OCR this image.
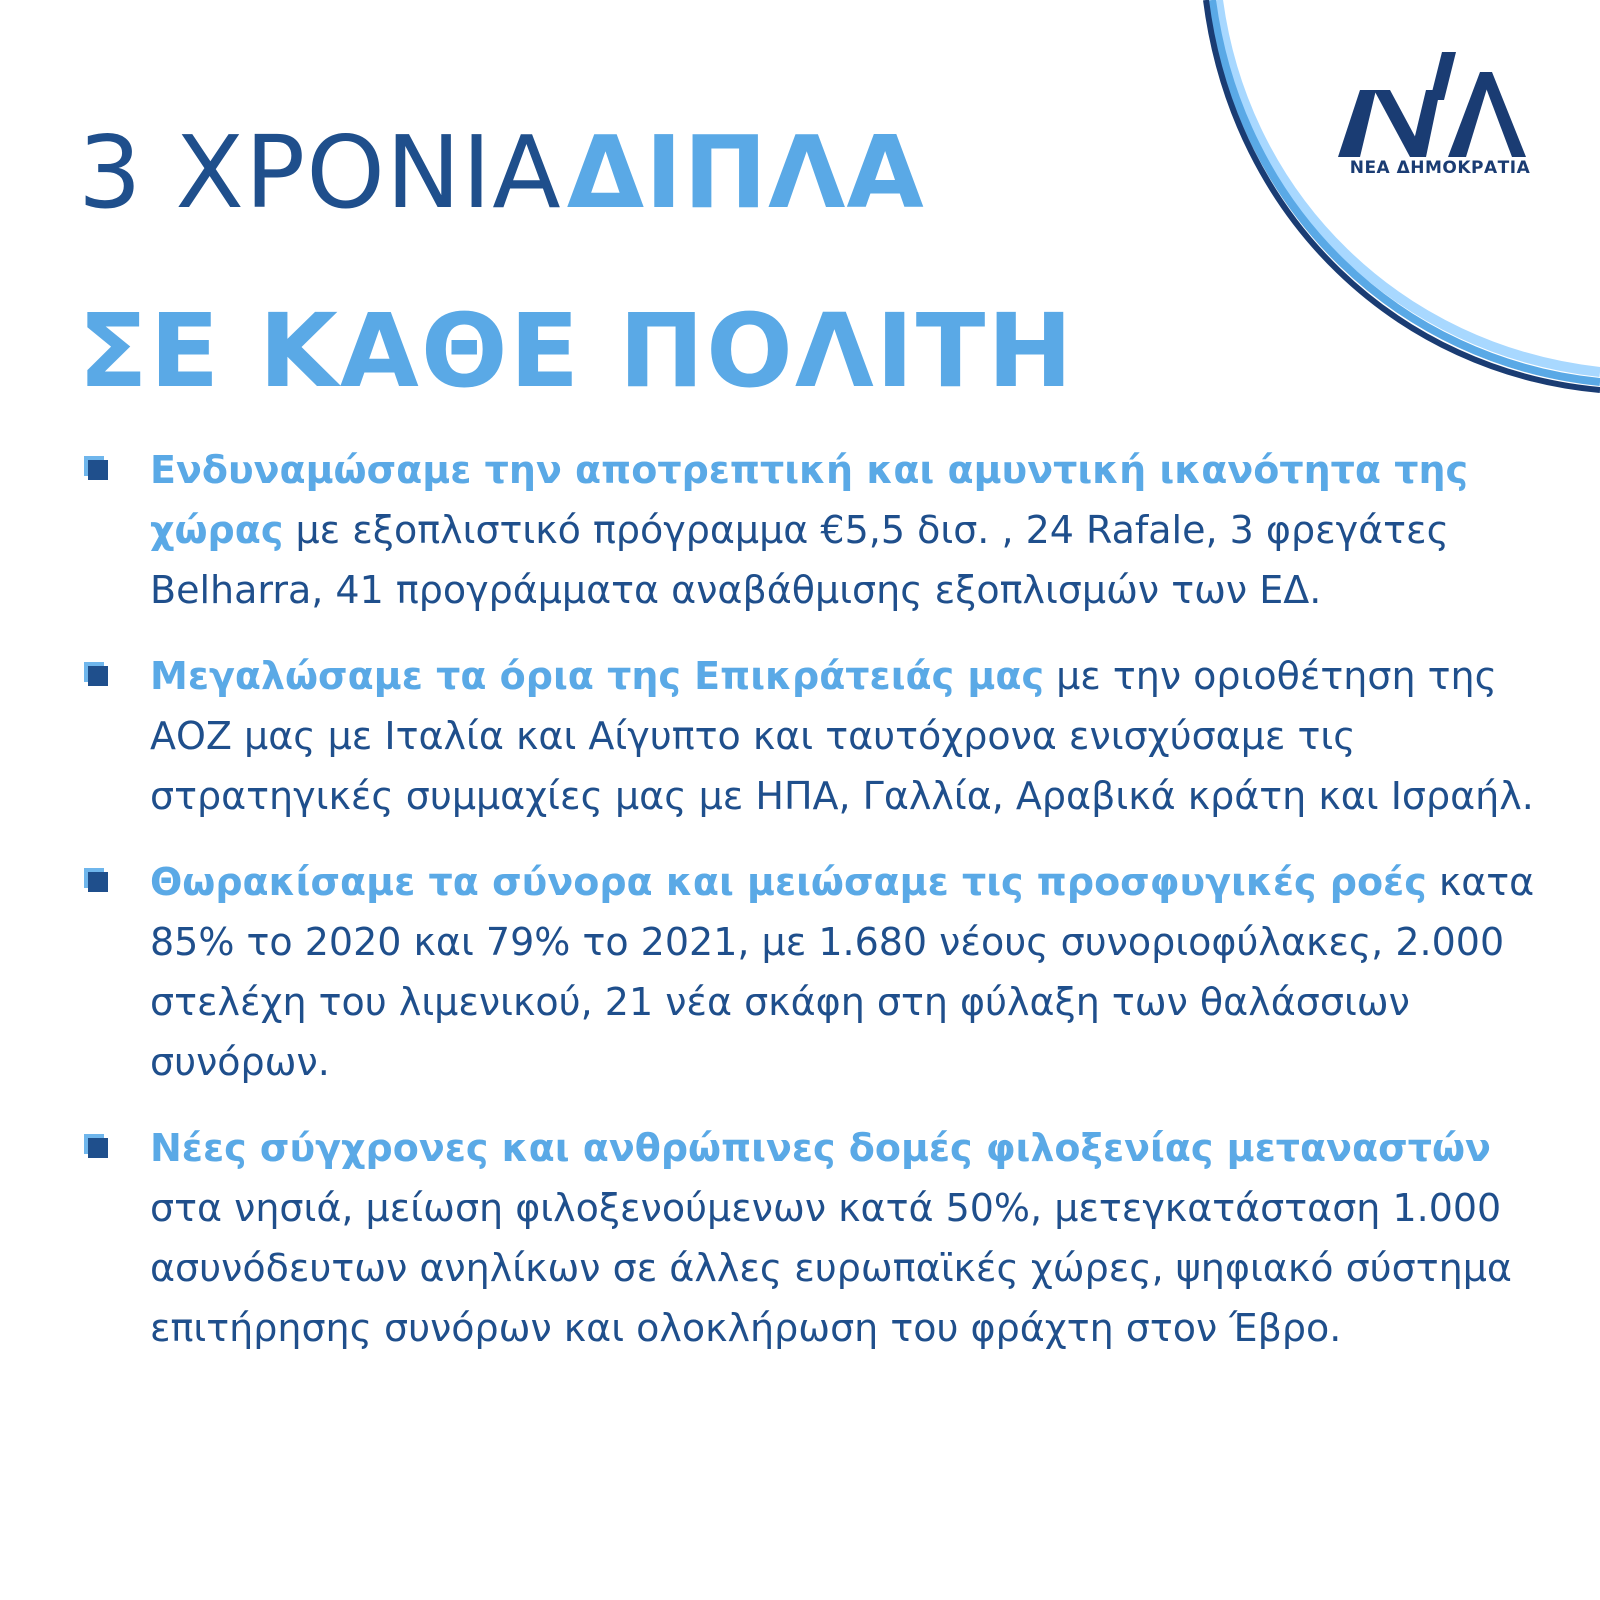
ΝΕΑ ΔΗΜΟΚΡΑΤΙΑ
3 ΧΡΟΝΙΑ ΔΙΠΛΑ
ΣΕ ΚΑΘΕ ΠΟΛΙΤΗ
Ενδυναμώσαμε την αποτρεπτική και αμυντική ικανότητα της χώρας με εξοπλιστικό πρόγραμμα €5,5 δισ. , 24 Rafale, 3 φρεγάτες Belharra, 41 προγράμματα αναβάθμισης εξοπλισμών των ΕΔ.
Μεγαλώσαμε τα όρια της Επικράτειάς μας με την οριοθέτηση της ΑΟΖ μας με Ιταλία και Αίγυπτο και ταυτόχρονα ενισχύσαμε τις στρατηγικές συμμαχίες μας με ΗΠΑ, Γαλλία, Αραβικά κράτη και Ισραήλ.
Θωρακίσαμε τα σύνορα και μειώσαμε τις προσφυγικές ροές κατα 85% το 2020 και 79% το 2021, με 1.680 νέους συνοριοφύλακες, 2.000 στελέχη του λιμενικού, 21 νέα σκάφη στη φύλαξη των θαλάσσιων συνόρων.
Νέες σύγχρονες και ανθρώπινες δομές φιλοξενίας μεταναστών στα νησιά, μείωση φιλοξενούμενων κατά 50%, μετεγκατάσταση 1.000 ασυνόδευτων ανηλίκων σε άλλες ευρωπαϊκές χώρες, ψηφιακό σύστημα επιτήρησης συνόρων και ολοκλήρωση του φράχτη στον Έβρο.
